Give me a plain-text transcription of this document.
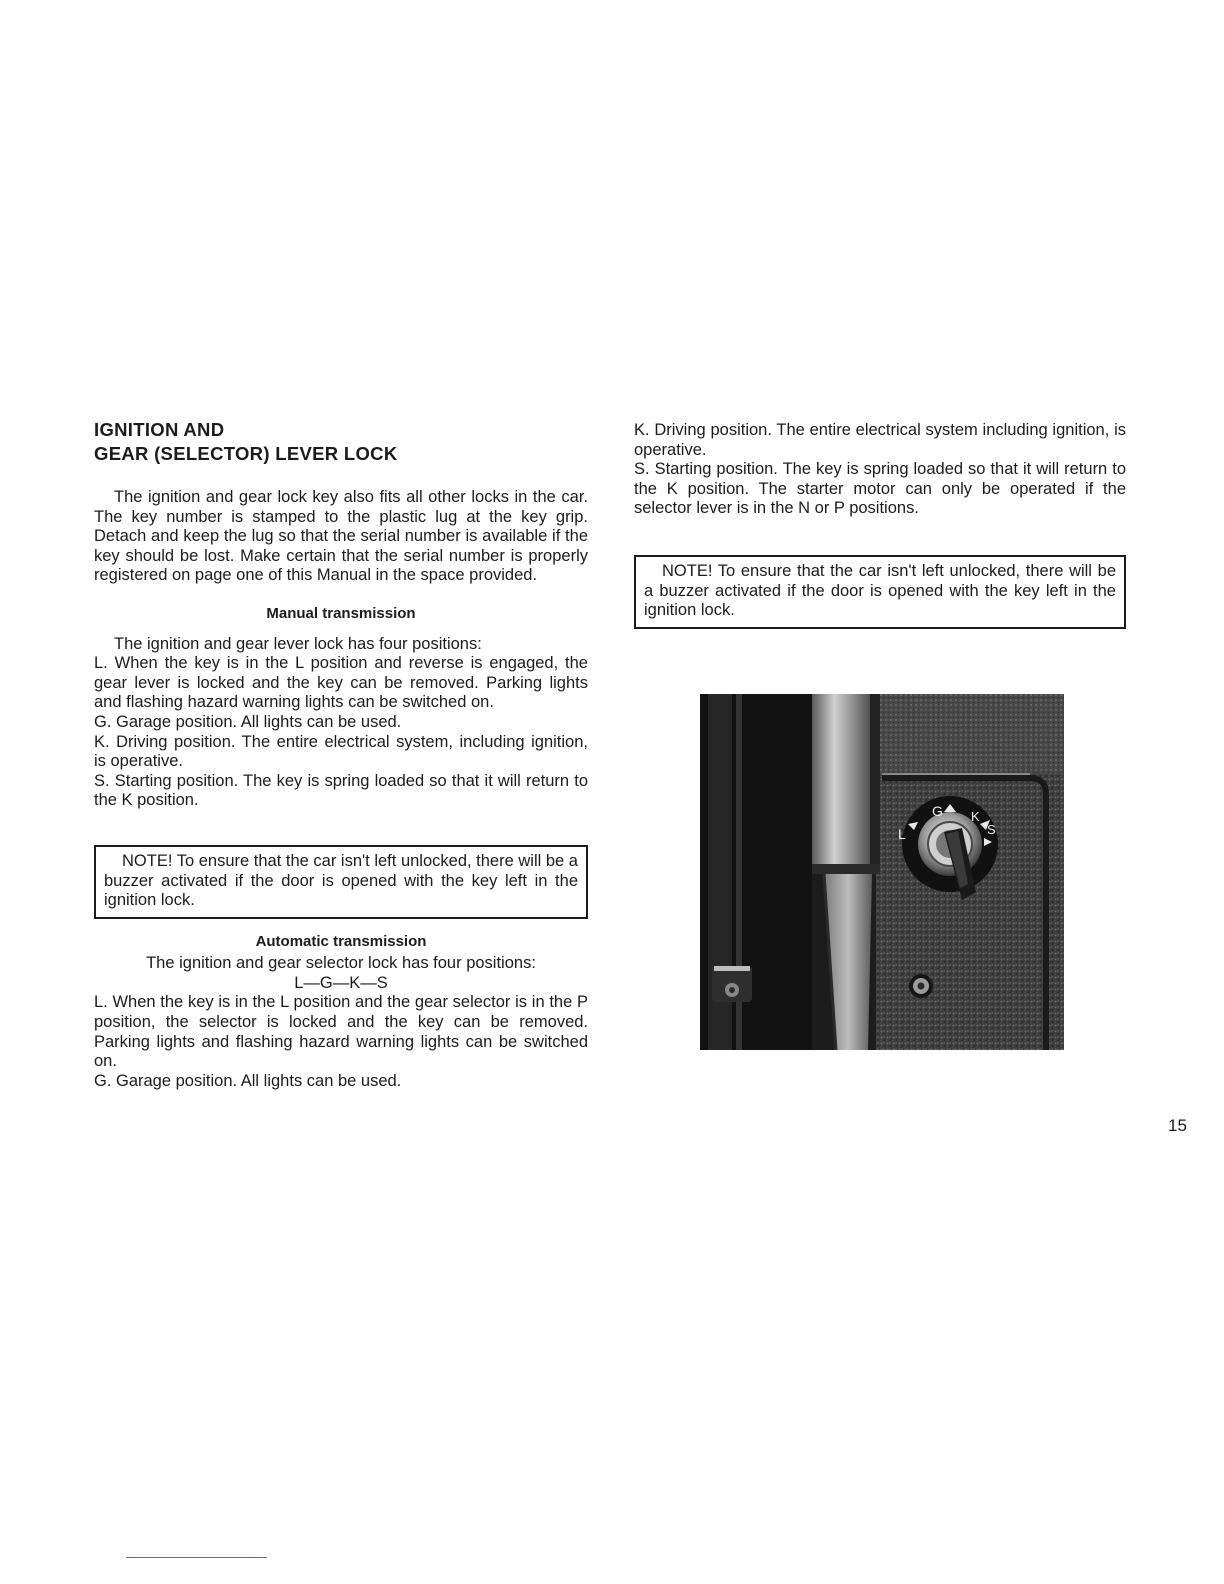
IGNITION AND
GEAR (SELECTOR) LEVER LOCK

The ignition and gear lock key also fits all other locks in the car. The key number is stamped to the plastic lug at the key grip. Detach and keep the lug so that the serial number is available if the key should be lost. Make certain that the serial number is properly registered on page one of this Manual in the space provided.

Manual transmission

The ignition and gear lever lock has four positions:

L. When the key is in the L position and reverse is engaged, the gear lever is locked and the key can be removed. Parking lights and flashing hazard warning lights can be switched on.

G. Garage position. All lights can be used.

K. Driving position. The entire electrical system, including ignition, is operative.

S. Starting position. The key is spring loaded so that it will return to the K position.

NOTE! To ensure that the car isn't left unlocked, there will be a buzzer activated if the door is opened with the key left in the ignition lock.

Automatic transmission

The ignition and gear selector lock has four positions:

L—G—K—S

L. When the key is in the L position and the gear selector is in the P position, the selector is locked and the key can be removed. Parking lights and flashing hazard warning lights can be switched on.

G. Garage position. All lights can be used.

K. Driving position. The entire electrical system including ignition, is operative.

S. Starting position. The key is spring loaded so that it will return to the K position. The starter motor can only be operated if the selector lever is in the N or P positions.

NOTE! To ensure that the car isn't left unlocked, there will be a buzzer activated if the door is opened with the key left in the ignition lock.
G K
L	S
15
